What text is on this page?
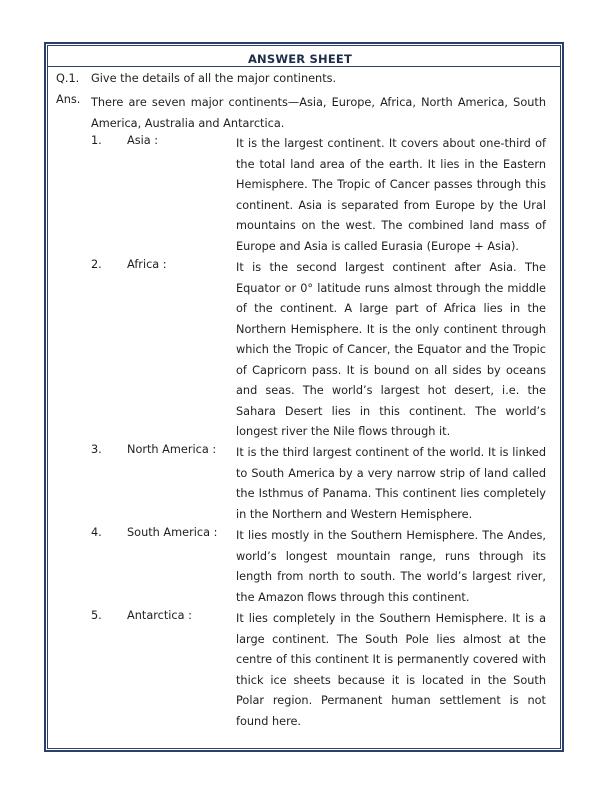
ANSWER SHEET
Q.1. Give the details of all the major continents.
Ans. There are seven major continents—Asia, Europe, Africa, North America, South America, Australia and Antarctica.
1. Asia :	It is the largest continent. It covers about one-third of the total land area of the earth. It lies in the Eastern Hemisphere. The Tropic of Cancer passes through this continent. Asia is separated from Europe by the Ural mountains on the west. The combined land mass of Europe and Asia is called Eurasia (Europe + Asia).
2. Africa :	It is the second largest continent after Asia. The Equator or 0° latitude runs almost through the middle of the continent. A large part of Africa lies in the Northern Hemisphere. It is the only continent through which the Tropic of Cancer, the Equator and the Tropic of Capricorn pass. It is bound on all sides by oceans and seas. The world’s largest hot desert, i.e. the Sahara Desert lies in this continent. The world’s longest river the Nile flows through it.
3. North America : It is the third largest continent of the world. It is linked to South America by a very narrow strip of land called the Isthmus of Panama. This continent lies completely in the Northern and Western Hemisphere.
4. South America : It lies mostly in the Southern Hemisphere. The Andes, world’s longest mountain range, runs through its length from north to south. The world’s largest river, the Amazon flows through this continent.
5. Antarctica :	It lies completely in the Southern Hemisphere. It is a large continent. The South Pole lies almost at the centre of this continent It is permanently covered with thick ice sheets because it is located in the South Polar region. Permanent human settlement is not found here.
